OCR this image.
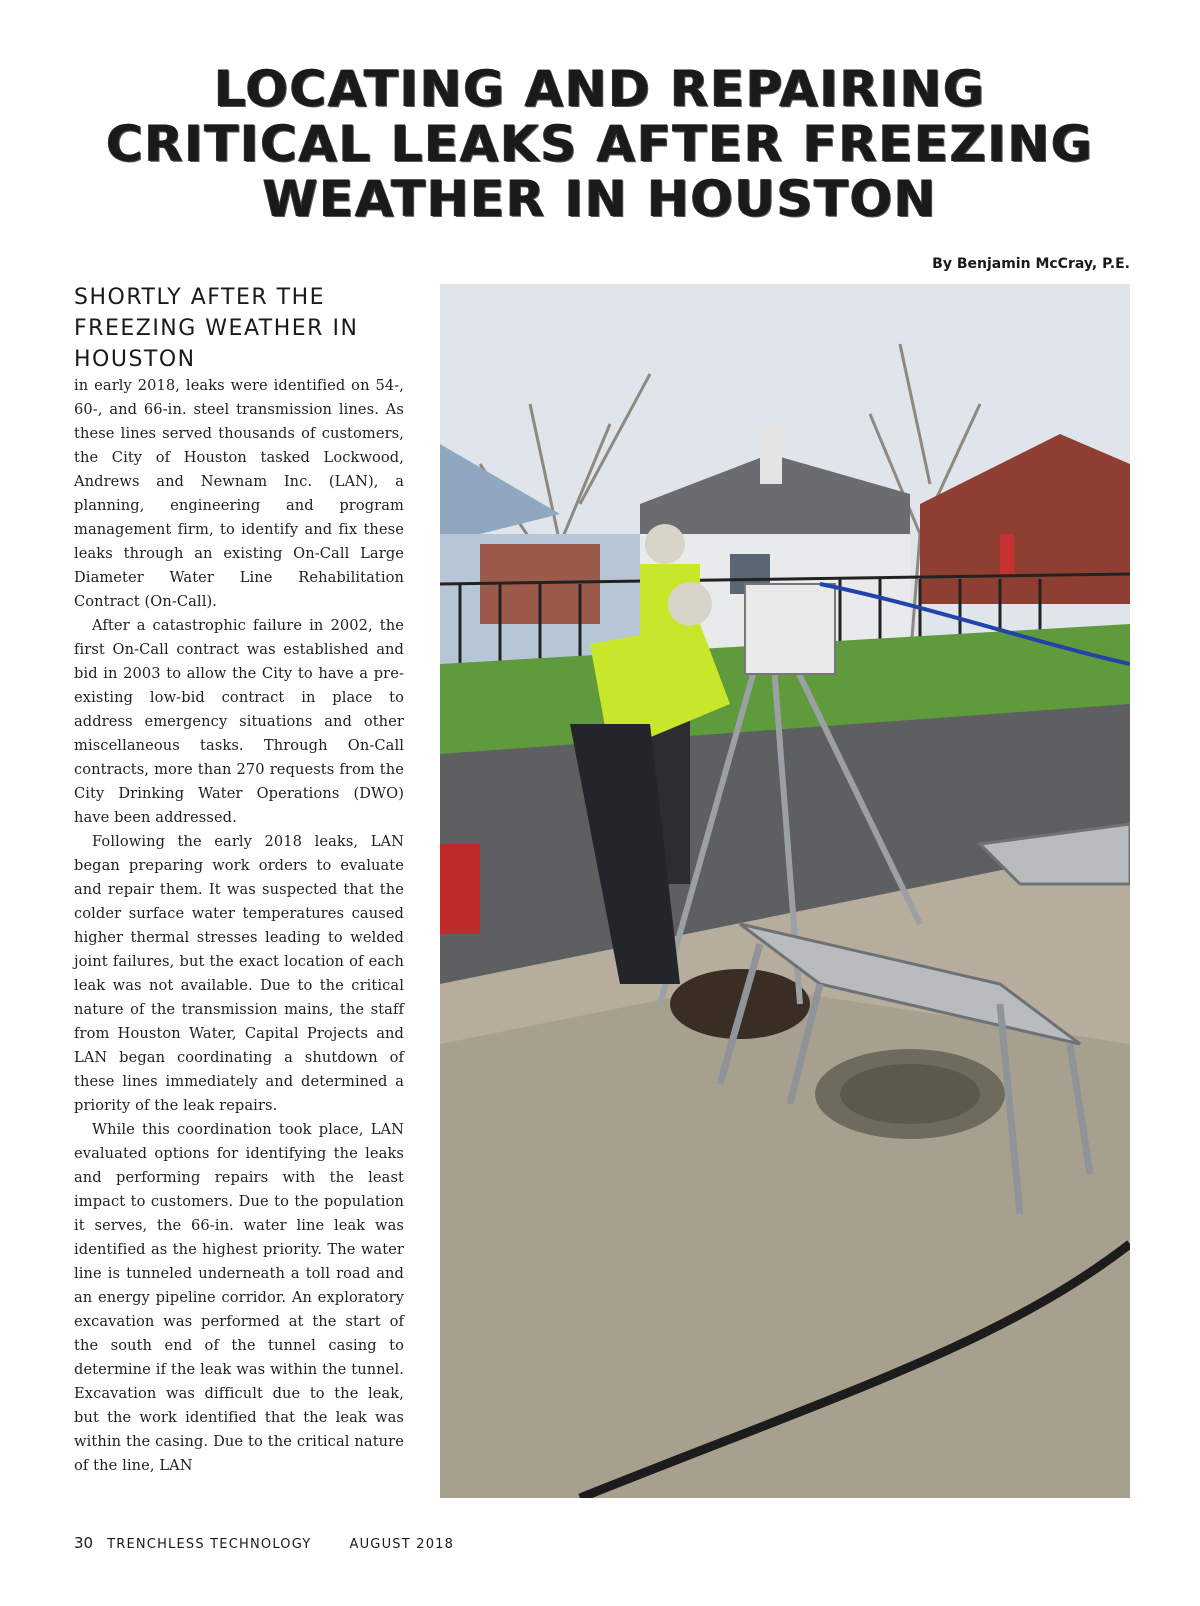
LOCATING AND REPAIRING
CRITICAL LEAKS AFTER FREEZING
WEATHER IN HOUSTON
By Benjamin McCray, P.E.
SHORTLY AFTER THE FREEZING WEATHER IN HOUSTON

in early 2018, leaks were identified on 54-, 60-, and 66-in. steel transmission lines. As these lines served thousands of customers, the City of Houston tasked Lockwood, Andrews and Newnam Inc. (LAN), a planning, engineering and program management firm, to identify and fix these leaks through an existing On-Call Large Diameter Water Line Rehabilitation Contract (On-Call).

After a catastrophic failure in 2002, the first On-Call contract was established and bid in 2003 to allow the City to have a pre-existing low-bid contract in place to address emergency situations and other miscellaneous tasks. Through On-Call contracts, more than 270 requests from the City Drinking Water Operations (DWO) have been addressed.

Following the early 2018 leaks, LAN began preparing work orders to evaluate and repair them. It was suspected that the colder surface water temperatures caused higher thermal stresses leading to welded joint failures, but the exact location of each leak was not available. Due to the critical nature of the transmission mains, the staff from Houston Water, Capital Projects and LAN began coordinating a shutdown of these lines immediately and determined a priority of the leak repairs.

While this coordination took place, LAN evaluated options for identifying the leaks and performing repairs with the least impact to customers. Due to the population it serves, the 66-in. water line leak was identified as the highest priority. The water line is tunneled underneath a toll road and an energy pipeline corridor. An exploratory excavation was performed at the start of the south end of the tunnel casing to determine if the leak was within the tunnel. Excavation was difficult due to the leak, but the work identified that the leak was within the casing. Due to the critical nature of the line, LAN

30 TRENCHLESS TECHNOLOGY	AUGUST 2018
